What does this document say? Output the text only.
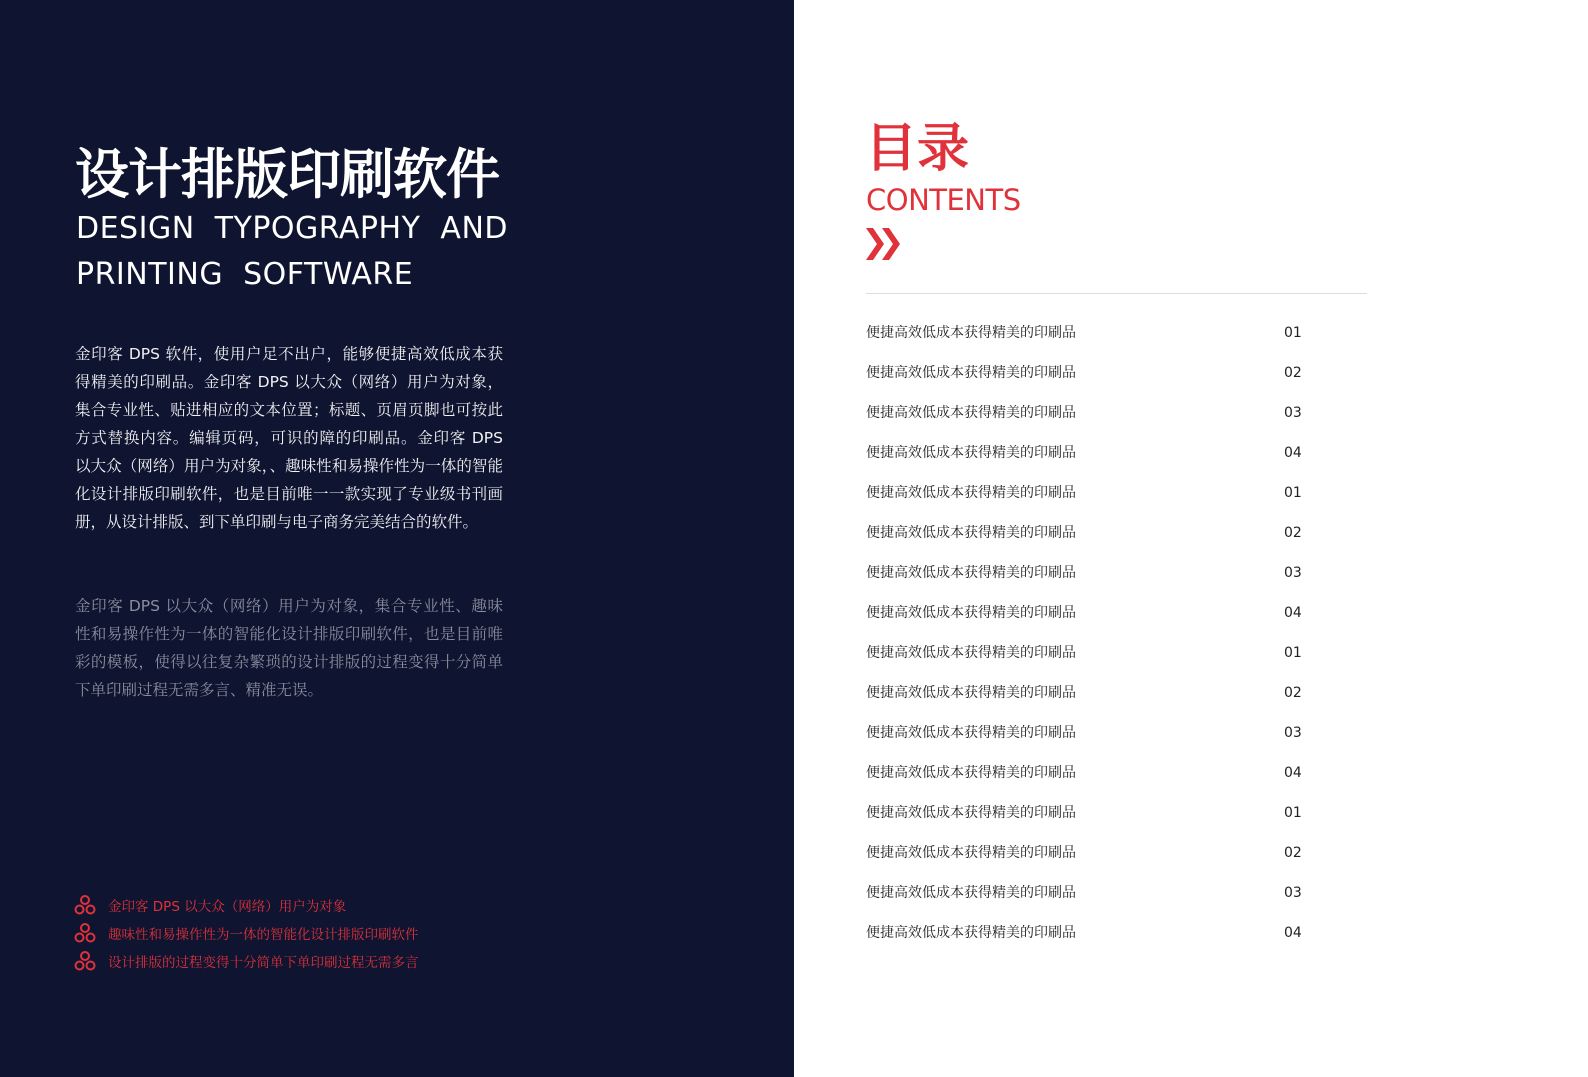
设计排版印刷软件
DESIGN TYPOGRAPHY AND PRINTING SOFTWARE
金印客 DPS 软件，使用户足不出户，能够便捷高效低成本获得精美的印刷品。金印客 DPS 以大众（网络）用户为对象，集合专业性、贴进相应的文本位置；标题、页眉页脚也可按此方式替换内容。编辑页码，可识的障的印刷品。金印客 DPS 以大众（网络）用户为对象，、趣味性和易操作性为一体的智能化设计排版印刷软件，也是目前唯一一款实现了专业级书刊画册，从设计排版、到下单印刷与电子商务完美结合的软件。
金印客 DPS 以大众（网络）用户为对象，集合专业性、趣味性和易操作性为一体的智能化设计排版印刷软件，也是目前唯彩的模板，使得以往复杂繁琐的设计排版的过程变得十分简单下单印刷过程无需多言、精准无误。
金印客 DPS 以大众（网络）用户为对象
趣味性和易操作性为一体的智能化设计排版印刷软件
设计排版的过程变得十分简单下单印刷过程无需多言
目录
CONTENTS
便捷高效低成本获得精美的印刷品	01
便捷高效低成本获得精美的印刷品	02
便捷高效低成本获得精美的印刷品	03
便捷高效低成本获得精美的印刷品	04
便捷高效低成本获得精美的印刷品	01
便捷高效低成本获得精美的印刷品	02
便捷高效低成本获得精美的印刷品	03
便捷高效低成本获得精美的印刷品	04
便捷高效低成本获得精美的印刷品	01
便捷高效低成本获得精美的印刷品	02
便捷高效低成本获得精美的印刷品	03
便捷高效低成本获得精美的印刷品	04
便捷高效低成本获得精美的印刷品	01
便捷高效低成本获得精美的印刷品	02
便捷高效低成本获得精美的印刷品	03
便捷高效低成本获得精美的印刷品	04
